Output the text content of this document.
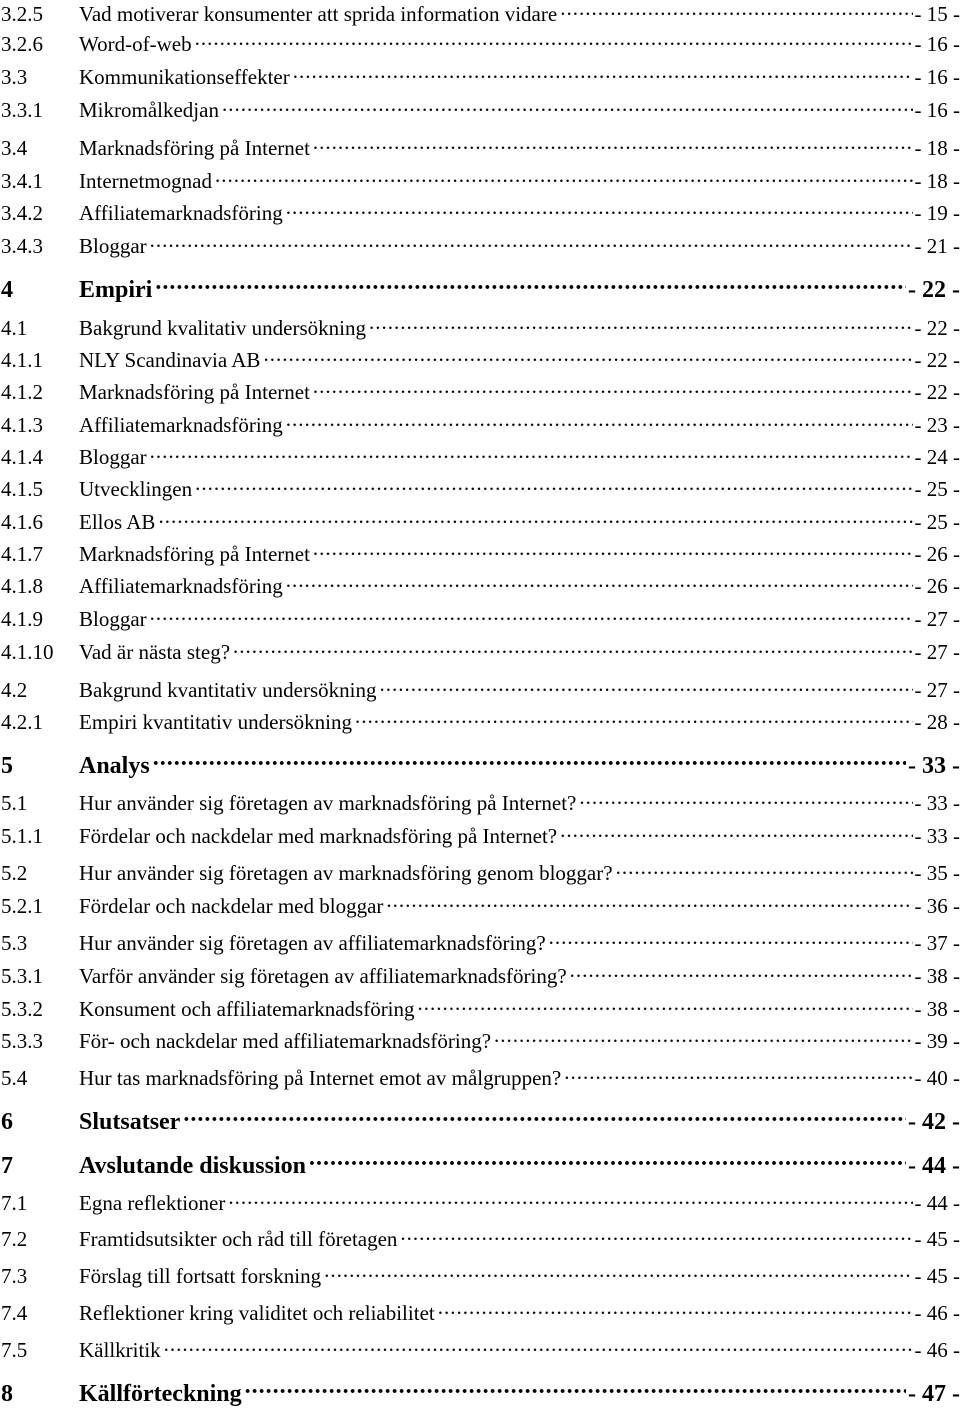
3.2.5	Vad motiverar konsumenter att sprida information vidare .....	- 15 -
3.2.6	Word-of-web .....	- 16 -
3.3	Kommunikationseffekter .....	- 16 -
3.3.1	Mikromålkedjan .....	- 16 -
3.4	Marknadsföring på Internet .....	- 18 -
3.4.1	Internetmognad .....	- 18 -
3.4.2	Affiliatemarknadsföring .....	- 19 -
3.4.3	Bloggar .....	- 21 -
4	Empiri .....	- 22 -
4.1	Bakgrund kvalitativ undersökning .....	- 22 -
4.1.1	NLY Scandinavia AB .....	- 22 -
4.1.2	Marknadsföring på Internet .....	- 22 -
4.1.3	Affiliatemarknadsföring .....	- 23 -
4.1.4	Bloggar .....	- 24 -
4.1.5	Utvecklingen .....	- 25 -
4.1.6	Ellos AB .....	- 25 -
4.1.7	Marknadsföring på Internet .....	- 26 -
4.1.8	Affiliatemarknadsföring .....	- 26 -
4.1.9	Bloggar .....	- 27 -
4.1.10	Vad är nästa steg? .....	- 27 -
4.2	Bakgrund kvantitativ undersökning .....	- 27 -
4.2.1	Empiri kvantitativ undersökning .....	- 28 -
5	Analys .....	- 33 -
5.1	Hur använder sig företagen av marknadsföring på Internet? .....	- 33 -
5.1.1	Fördelar och nackdelar med marknadsföring på Internet? .....	- 33 -
5.2	Hur använder sig företagen av marknadsföring genom bloggar? .....	- 35 -
5.2.1	Fördelar och nackdelar med bloggar .....	- 36 -
5.3	Hur använder sig företagen av affiliatemarknadsföring? .....	- 37 -
5.3.1	Varför använder sig företagen av affiliatemarknadsföring? .....	- 38 -
5.3.2	Konsument och affiliatemarknadsföring .....	- 38 -
5.3.3	För- och nackdelar med affiliatemarknadsföring? .....	- 39 -
5.4	Hur tas marknadsföring på Internet emot av målgruppen? .....	- 40 -
6	Slutsatser .....	- 42 -
7	Avslutande diskussion .....	- 44 -
7.1	Egna reflektioner .....	- 44 -
7.2	Framtidsutsikter och råd till företagen .....	- 45 -
7.3	Förslag till fortsatt forskning .....	- 45 -
7.4	Reflektioner kring validitet och reliabilitet .....	- 46 -
7.5	Källkritik .....	- 46 -
8	Källförteckning .....	- 47 -
